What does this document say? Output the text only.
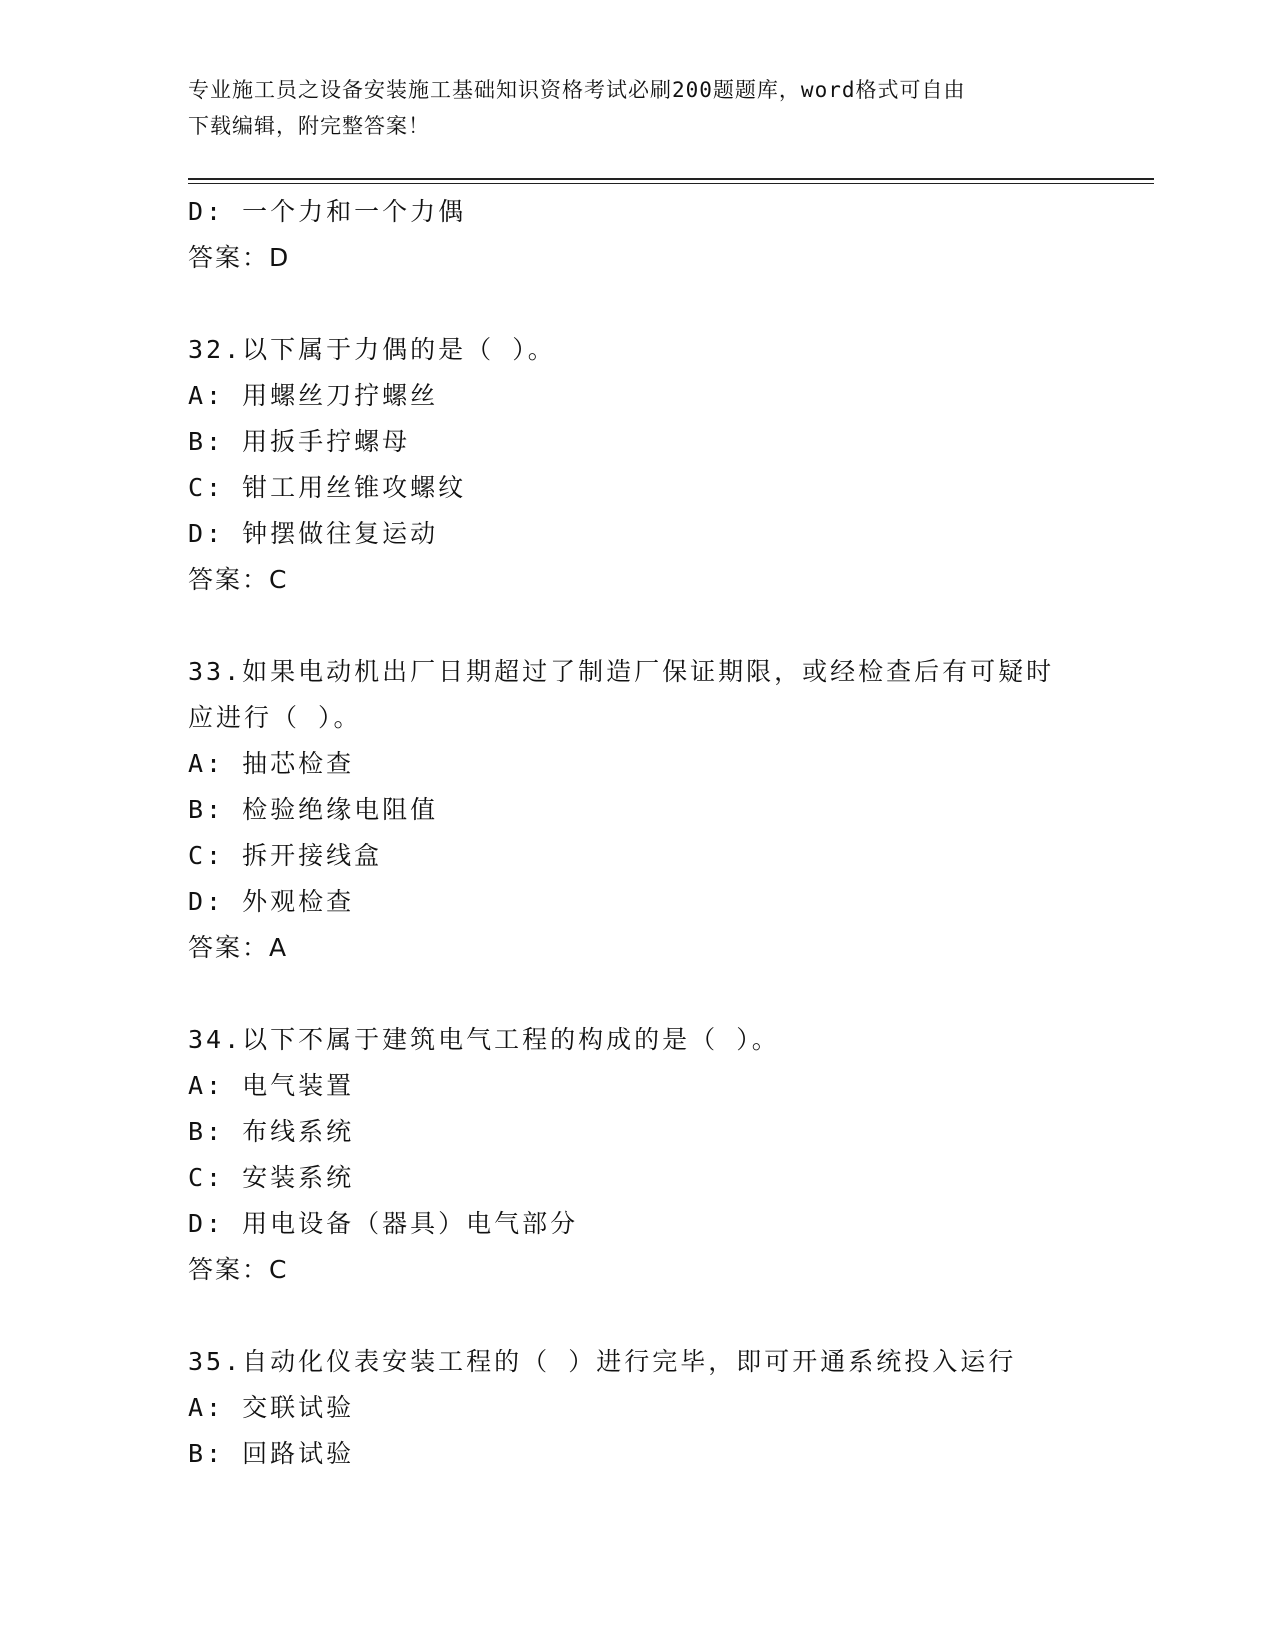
专业施工员之设备安装施工基础知识资格考试必刷200题题库，word格式可自由
下载编辑，附完整答案！
D: 一个力和一个力偶
答案：D
32.以下属于力偶的是（ ）。
A: 用螺丝刀拧螺丝
B: 用扳手拧螺母
C: 钳工用丝锥攻螺纹
D: 钟摆做往复运动
答案：C
33.如果电动机出厂日期超过了制造厂保证期限，或经检查后有可疑时
应进行（ ）。
A: 抽芯检查
B: 检验绝缘电阻值
C: 拆开接线盒
D: 外观检查
答案：A
34.以下不属于建筑电气工程的构成的是（ ）。
A: 电气装置
B: 布线系统
C: 安装系统
D: 用电设备（器具）电气部分
答案：C
35.自动化仪表安装工程的（ ）进行完毕，即可开通系统投入运行
A: 交联试验
B: 回路试验
